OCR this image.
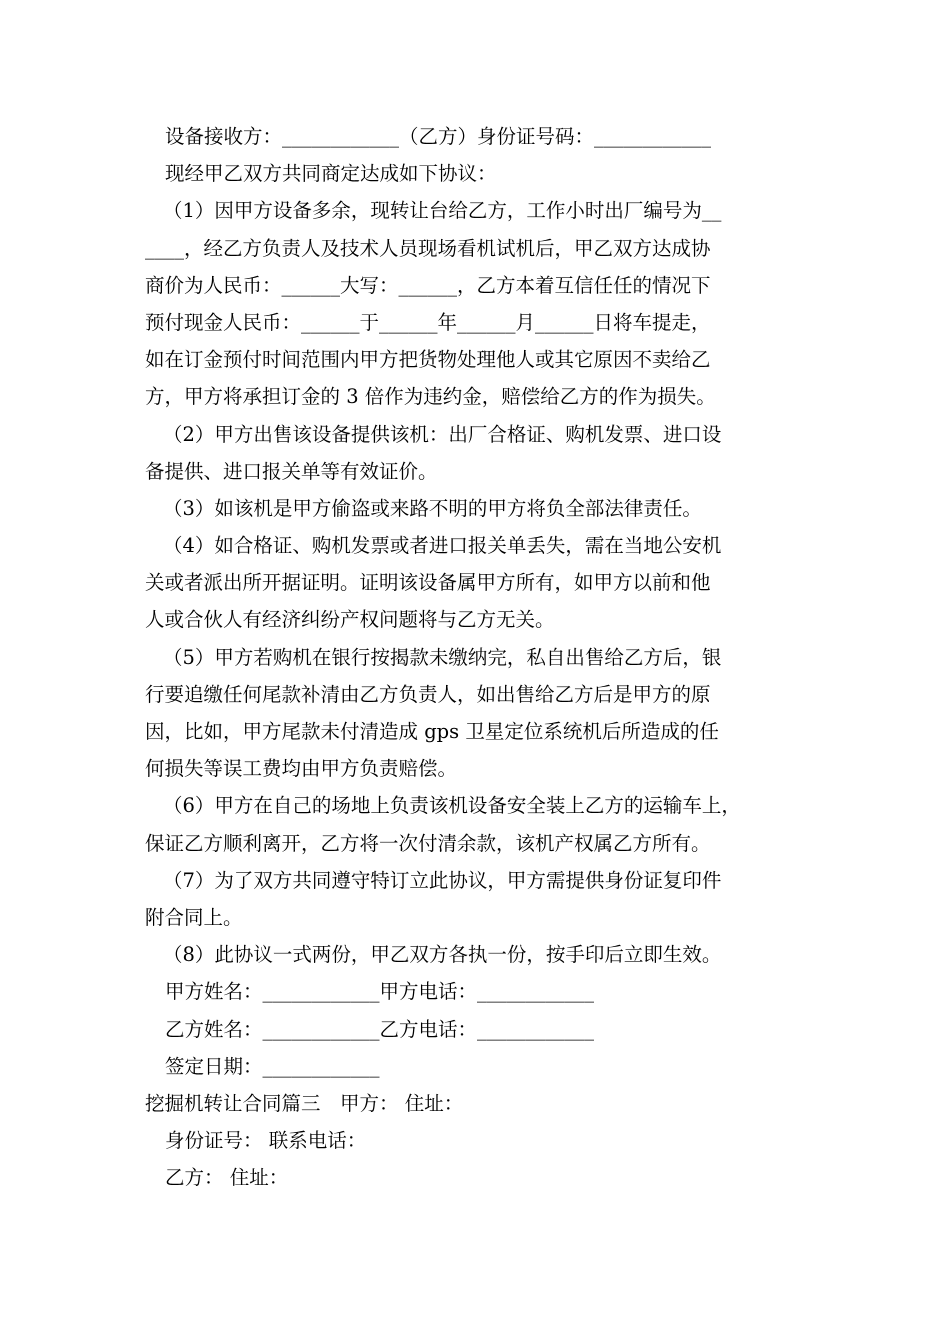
设备接收方：____________（乙方）身份证号码：____________
现经甲乙双方共同商定达成如下协议：
（1）因甲方设备多余，现转让台给乙方，工作小时出厂编号为__
____，经乙方负责人及技术人员现场看机试机后，甲乙双方达成协
商价为人民币：______大写：______，乙方本着互信任任的情况下
预付现金人民币：______于______年______月______日将车提走，
如在订金预付时间范围内甲方把货物处理他人或其它原因不卖给乙
方，甲方将承担订金的 3 倍作为违约金，赔偿给乙方的作为损失。
（2）甲方出售该设备提供该机：出厂合格证、购机发票、进口设
备提供、进口报关单等有效证价。
（3）如该机是甲方偷盗或来路不明的甲方将负全部法律责任。
（4）如合格证、购机发票或者进口报关单丢失，需在当地公安机
关或者派出所开据证明。证明该设备属甲方所有，如甲方以前和他
人或合伙人有经济纠纷产权问题将与乙方无关。
（5）甲方若购机在银行按揭款未缴纳完，私自出售给乙方后，银
行要追缴任何尾款补清由乙方负责人，如出售给乙方后是甲方的原
因，比如，甲方尾款未付清造成 gps 卫星定位系统机后所造成的任
何损失等误工费均由甲方负责赔偿。
（6）甲方在自己的场地上负责该机设备安全装上乙方的运输车上，
保证乙方顺利离开，乙方将一次付清余款，该机产权属乙方所有。
（7）为了双方共同遵守特订立此协议，甲方需提供身份证复印件
附合同上。
（8）此协议一式两份，甲乙双方各执一份，按手印后立即生效。
甲方姓名：____________甲方电话：____________
乙方姓名：____________乙方电话：____________
签定日期：____________
挖掘机转让合同篇三　甲方： 住址：
身份证号： 联系电话：
乙方： 住址：
